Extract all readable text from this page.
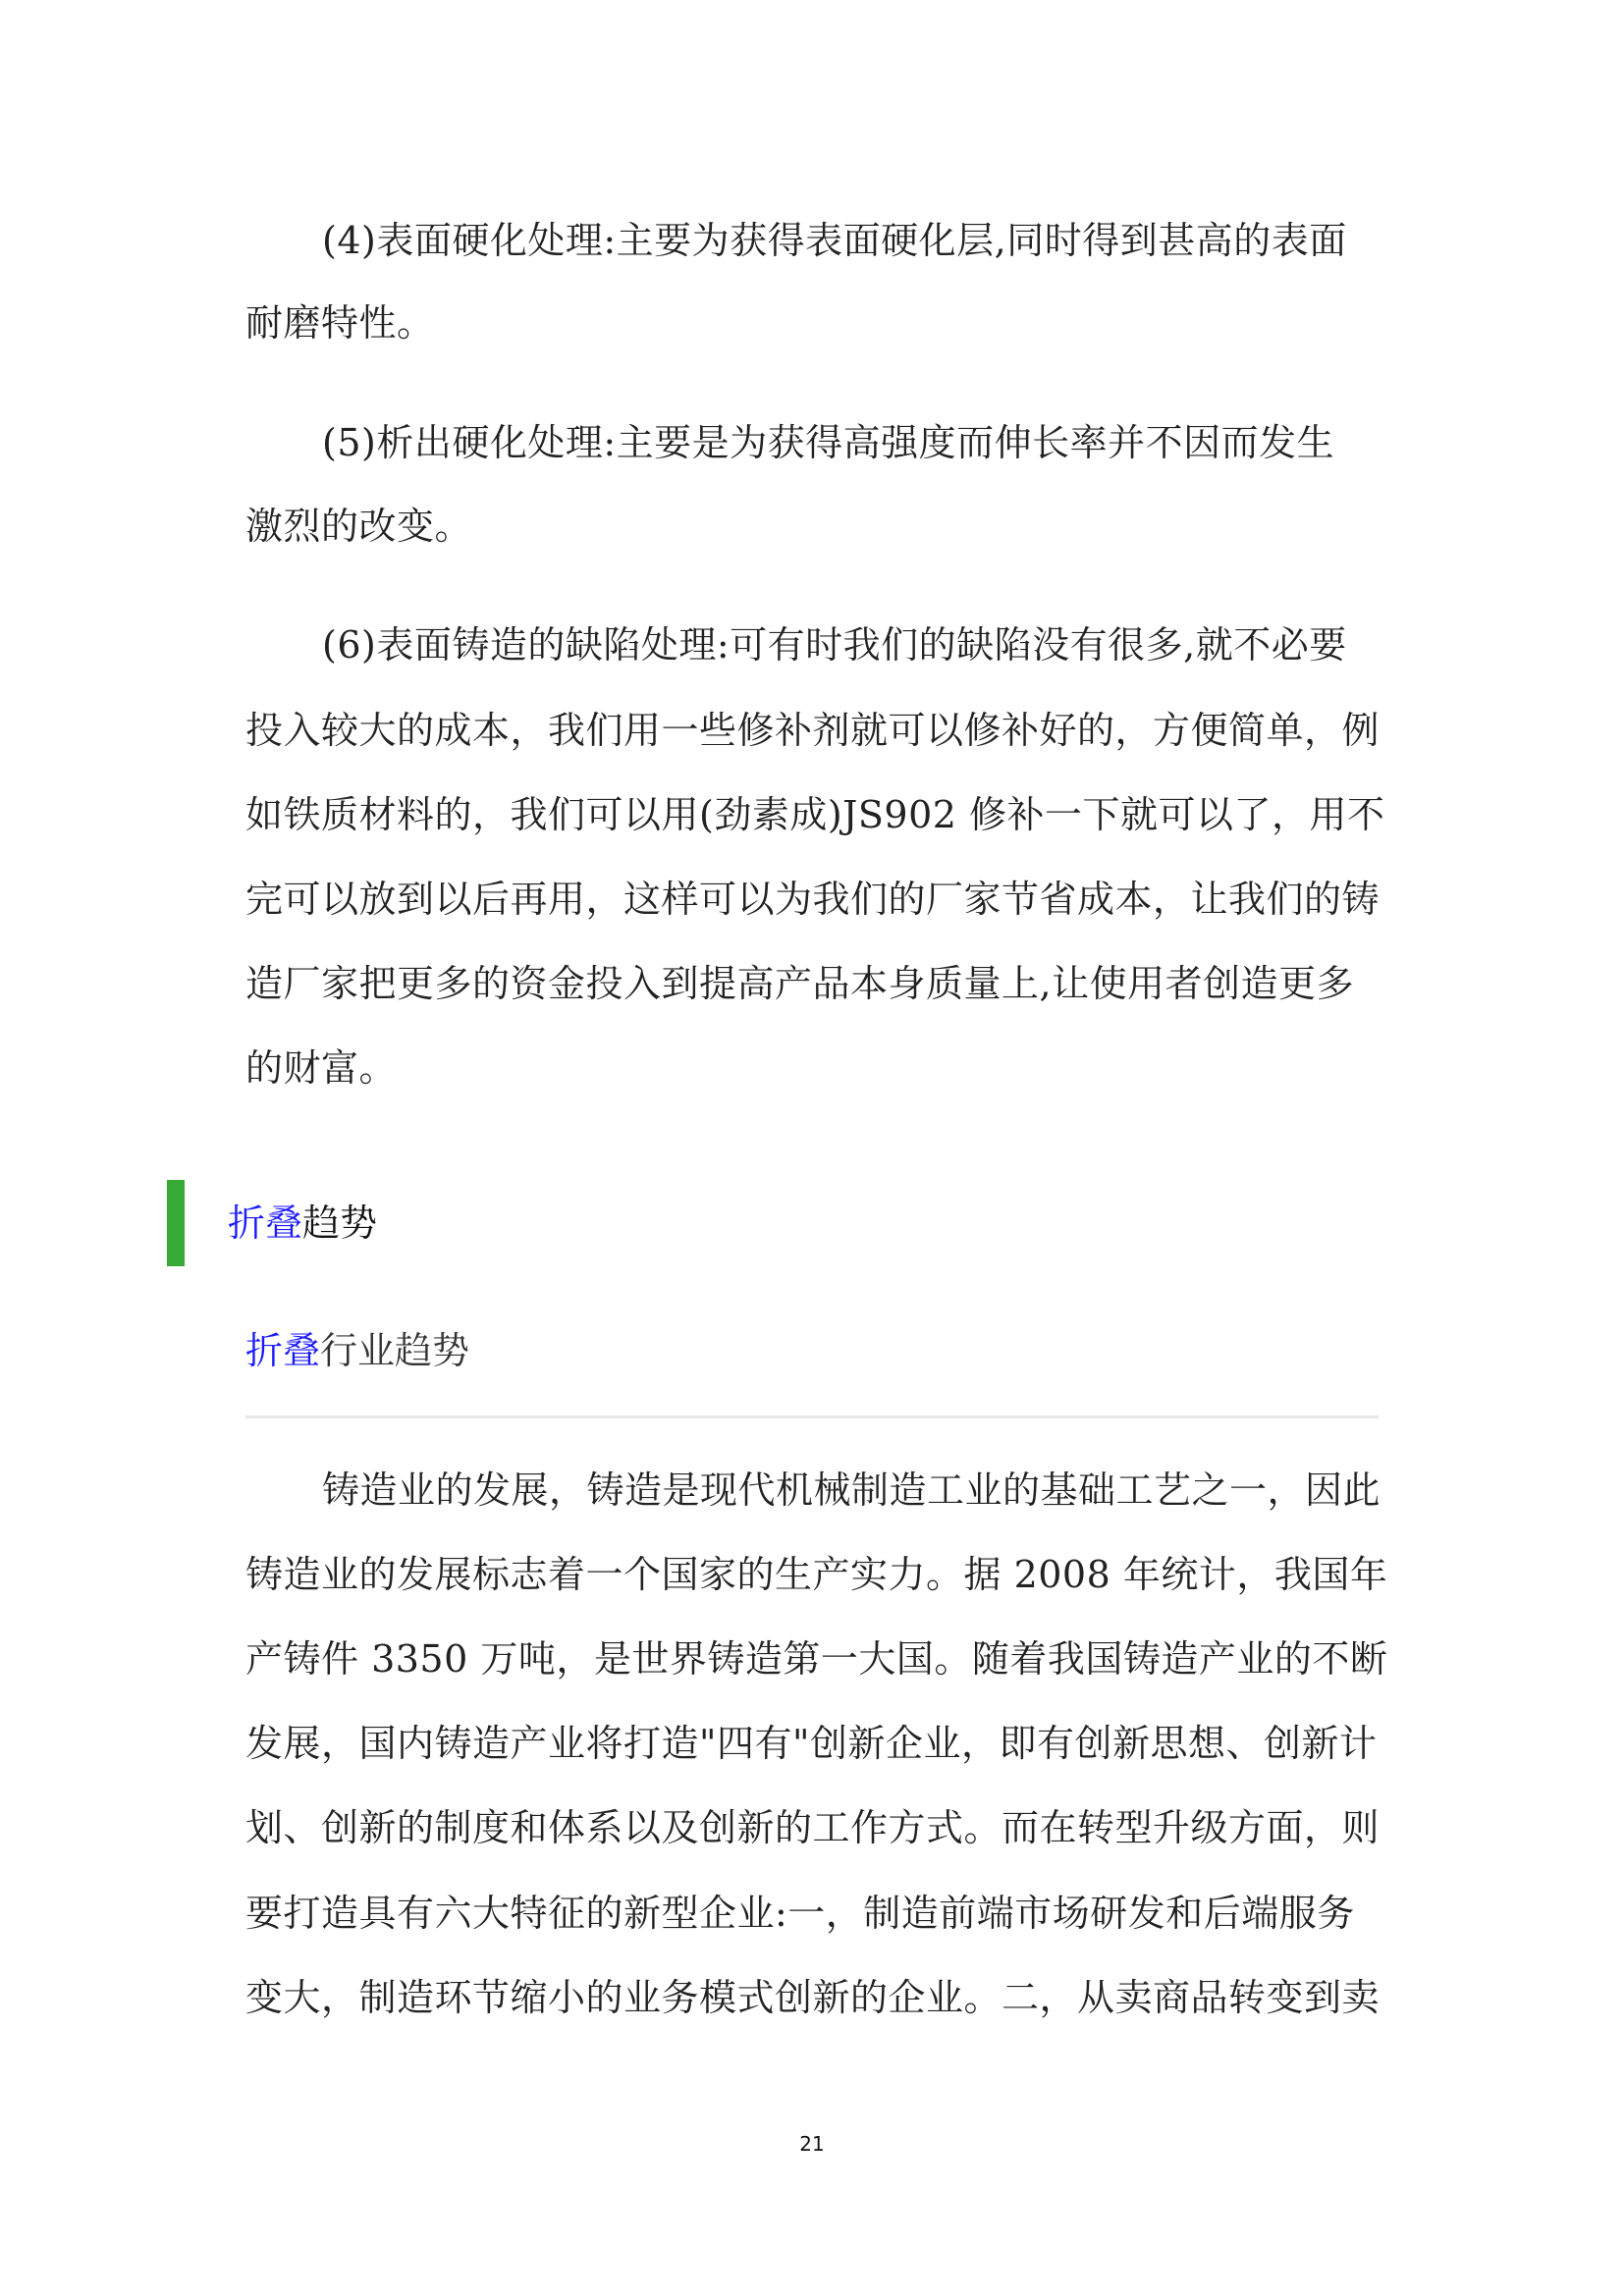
(4)表面硬化处理:主要为获得表面硬化层,同时得到甚高的表面
耐磨特性。
(5)析出硬化处理:主要是为获得高强度而伸长率并不因而发生
激烈的改变。
(6)表面铸造的缺陷处理:可有时我们的缺陷没有很多,就不必要
投入较大的成本，我们用一些修补剂就可以修补好的，方便简单，例
如铁质材料的，我们可以用(劲素成)JS902 修补一下就可以了，用不
完可以放到以后再用，这样可以为我们的厂家节省成本，让我们的铸
造厂家把更多的资金投入到提高产品本身质量上,让使用者创造更多
的财富。
折叠趋势
折叠行业趋势
铸造业的发展，铸造是现代机械制造工业的基础工艺之一，因此
铸造业的发展标志着一个国家的生产实力。据 2008 年统计，我国年
产铸件 3350 万吨，是世界铸造第一大国。随着我国铸造产业的不断
发展，国内铸造产业将打造"四有"创新企业，即有创新思想、创新计
划、创新的制度和体系以及创新的工作方式。而在转型升级方面，则
要打造具有六大特征的新型企业:一，制造前端市场研发和后端服务
变大，制造环节缩小的业务模式创新的企业。二，从卖商品转变到卖
21
